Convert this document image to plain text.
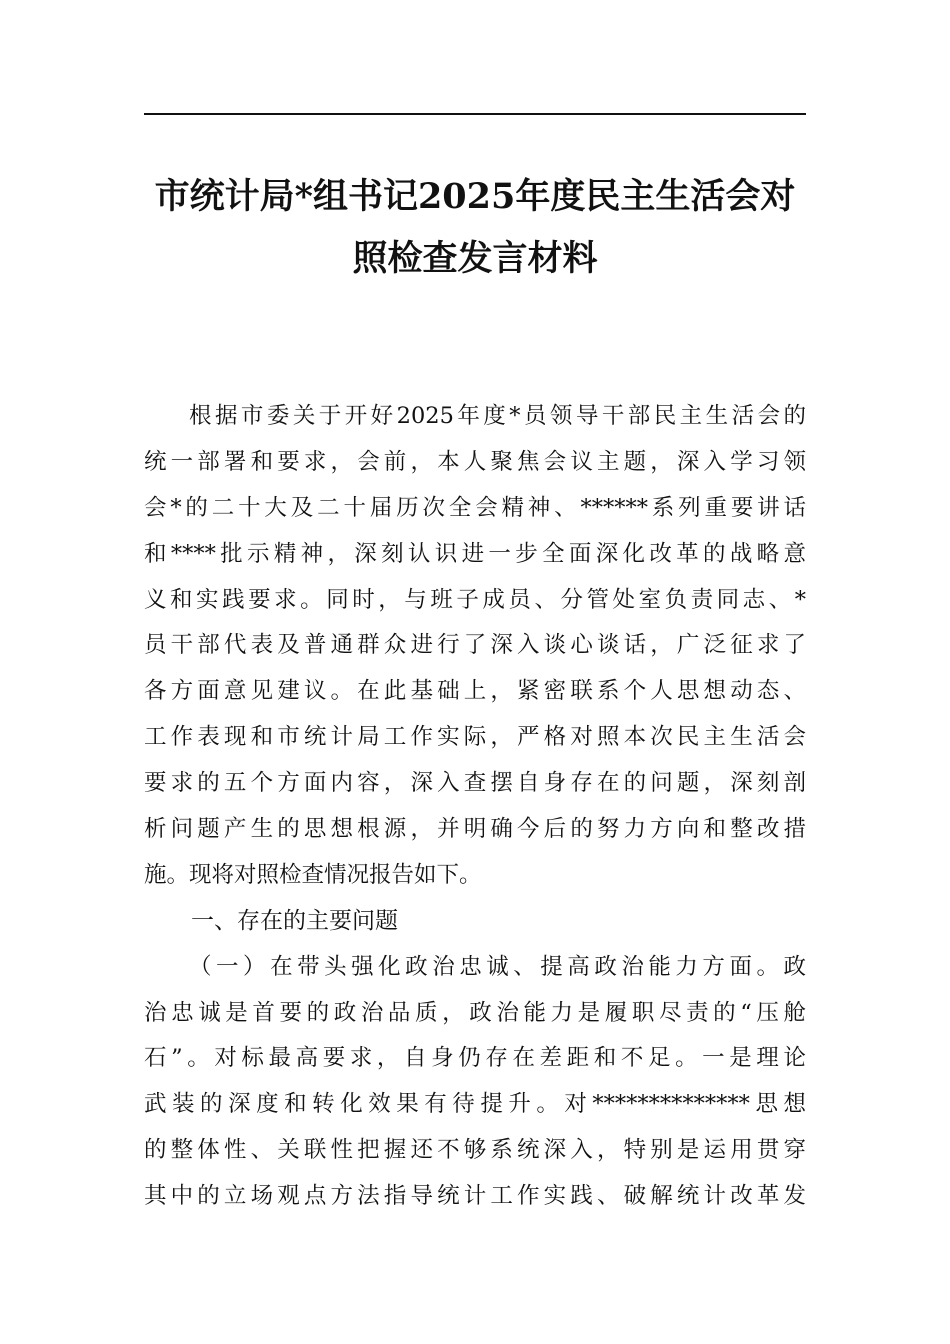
市统计局*组书记2025年度民主生活会对
照检查发言材料
根据市委关于开好2025年度*员领导干部民主生活会的
统一部署和要求，会前，本人聚焦会议主题，深入学习领
会*的二十大及二十届历次全会精神、******系列重要讲话
和****批示精神，深刻认识进一步全面深化改革的战略意
义和实践要求。同时，与班子成员、分管处室负责同志、*
员干部代表及普通群众进行了深入谈心谈话，广泛征求了
各方面意见建议。在此基础上，紧密联系个人思想动态、
工作表现和市统计局工作实际，严格对照本次民主生活会
要求的五个方面内容，深入查摆自身存在的问题，深刻剖
析问题产生的思想根源，并明确今后的努力方向和整改措
施。现将对照检查情况报告如下。
一、存在的主要问题
（一）在带头强化政治忠诚、提高政治能力方面。政
治忠诚是首要的政治品质，政治能力是履职尽责的“压舱
石”。对标最高要求，自身仍存在差距和不足。一是理论
武装的深度和转化效果有待提升。对**************思想
的整体性、关联性把握还不够系统深入，特别是运用贯穿
其中的立场观点方法指导统计工作实践、破解统计改革发
